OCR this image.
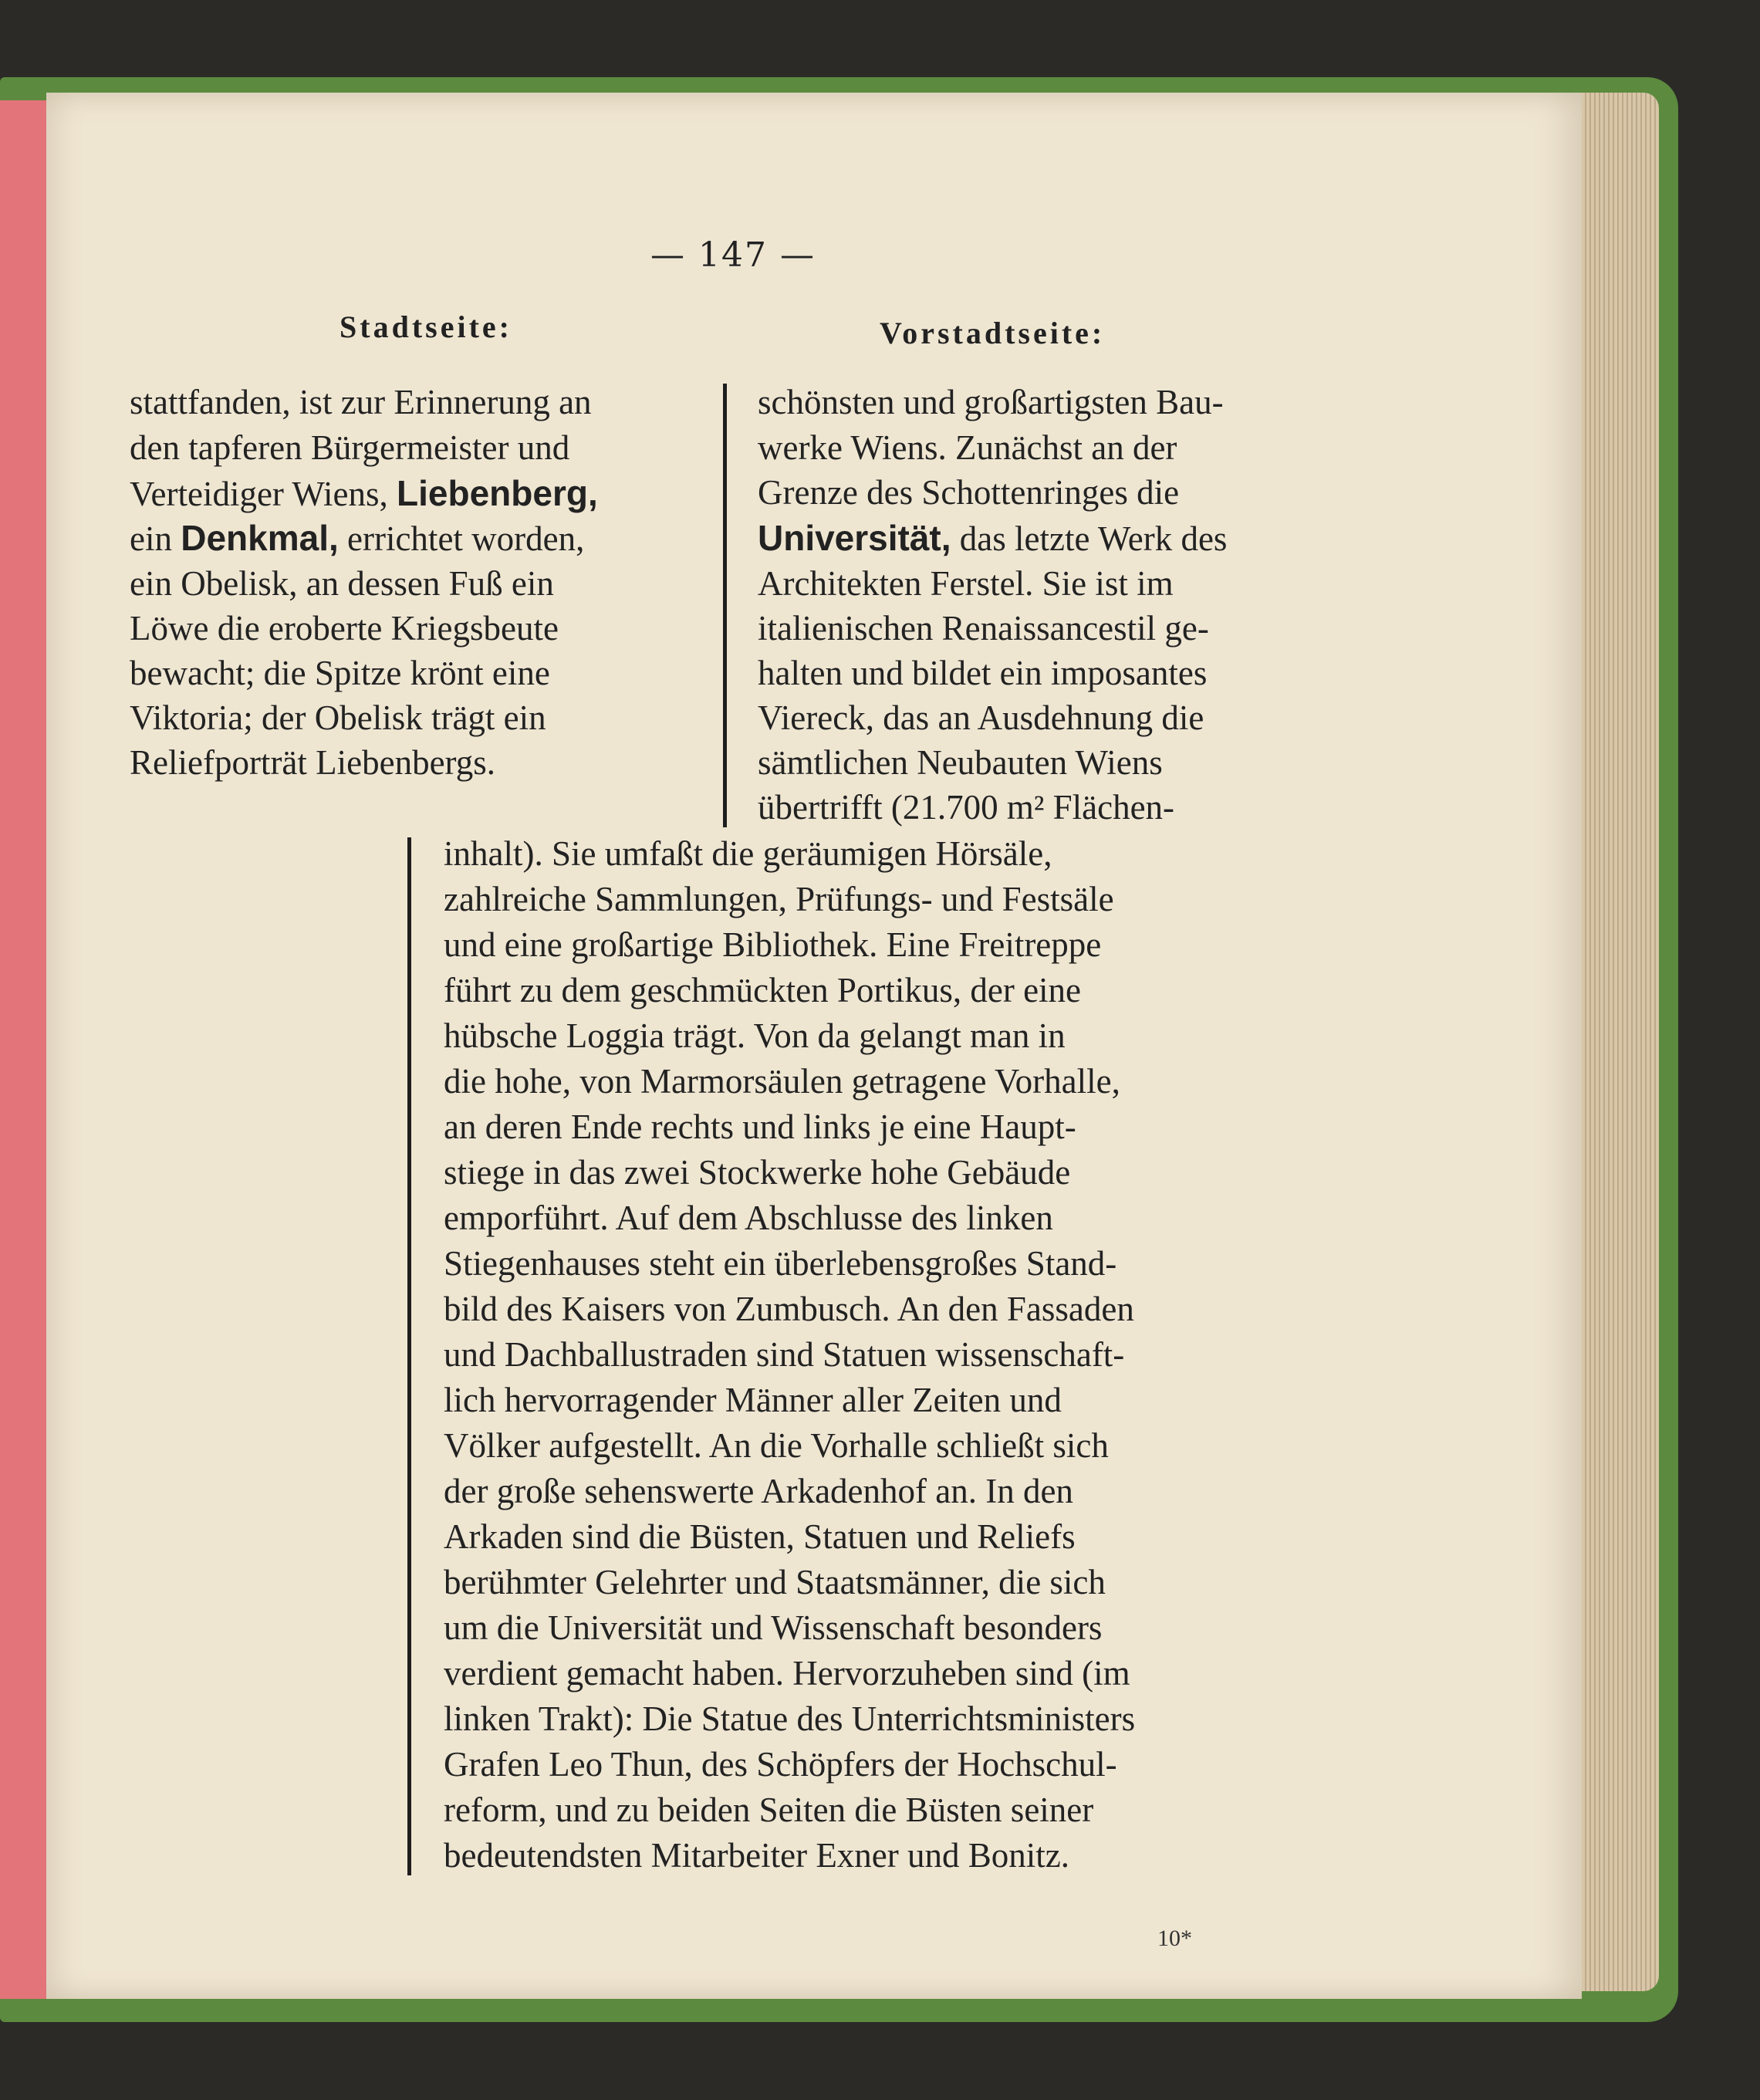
— 147 —
Stadtseite:	Vorstadtseite:
stattfanden, ist zur Erinnerung an
den tapferen Bürgermeister und
Verteidiger Wiens, Liebenberg,
ein Denkmal, errichtet worden,
ein Obelisk, an dessen Fuß ein
Löwe die eroberte Kriegsbeute
bewacht; die Spitze krönt eine
Viktoria; der Obelisk trägt ein
Reliefporträt Liebenbergs.
schönsten und großartigsten Bau-
werke Wiens. Zunächst an der
Grenze des Schottenringes die
Universität, das letzte Werk des
Architekten Ferstel. Sie ist im
italienischen Renaissancestil ge-
halten und bildet ein imposantes
Viereck, das an Ausdehnung die
sämtlichen Neubauten Wiens
übertrifft (21.700 m² Flächen-
inhalt). Sie umfaßt die geräumigen Hörsäle,
zahlreiche Sammlungen, Prüfungs- und Festsäle
und eine großartige Bibliothek. Eine Freitreppe
führt zu dem geschmückten Portikus, der eine
hübsche Loggia trägt. Von da gelangt man in
die hohe, von Marmorsäulen getragene Vorhalle,
an deren Ende rechts und links je eine Haupt-
stiege in das zwei Stockwerke hohe Gebäude
emporführt. Auf dem Abschlusse des linken
Stiegenhauses steht ein überlebensgroßes Stand-
bild des Kaisers von Zumbusch. An den Fassaden
und Dachballustraden sind Statuen wissenschaft-
lich hervorragender Männer aller Zeiten und
Völker aufgestellt. An die Vorhalle schließt sich
der große sehenswerte Arkadenhof an. In den
Arkaden sind die Büsten, Statuen und Reliefs
berühmter Gelehrter und Staatsmänner, die sich
um die Universität und Wissenschaft besonders
verdient gemacht haben. Hervorzuheben sind (im
linken Trakt): Die Statue des Unterrichtsministers
Grafen Leo Thun, des Schöpfers der Hochschul-
reform, und zu beiden Seiten die Büsten seiner
bedeutendsten Mitarbeiter Exner und Bonitz.
10*
